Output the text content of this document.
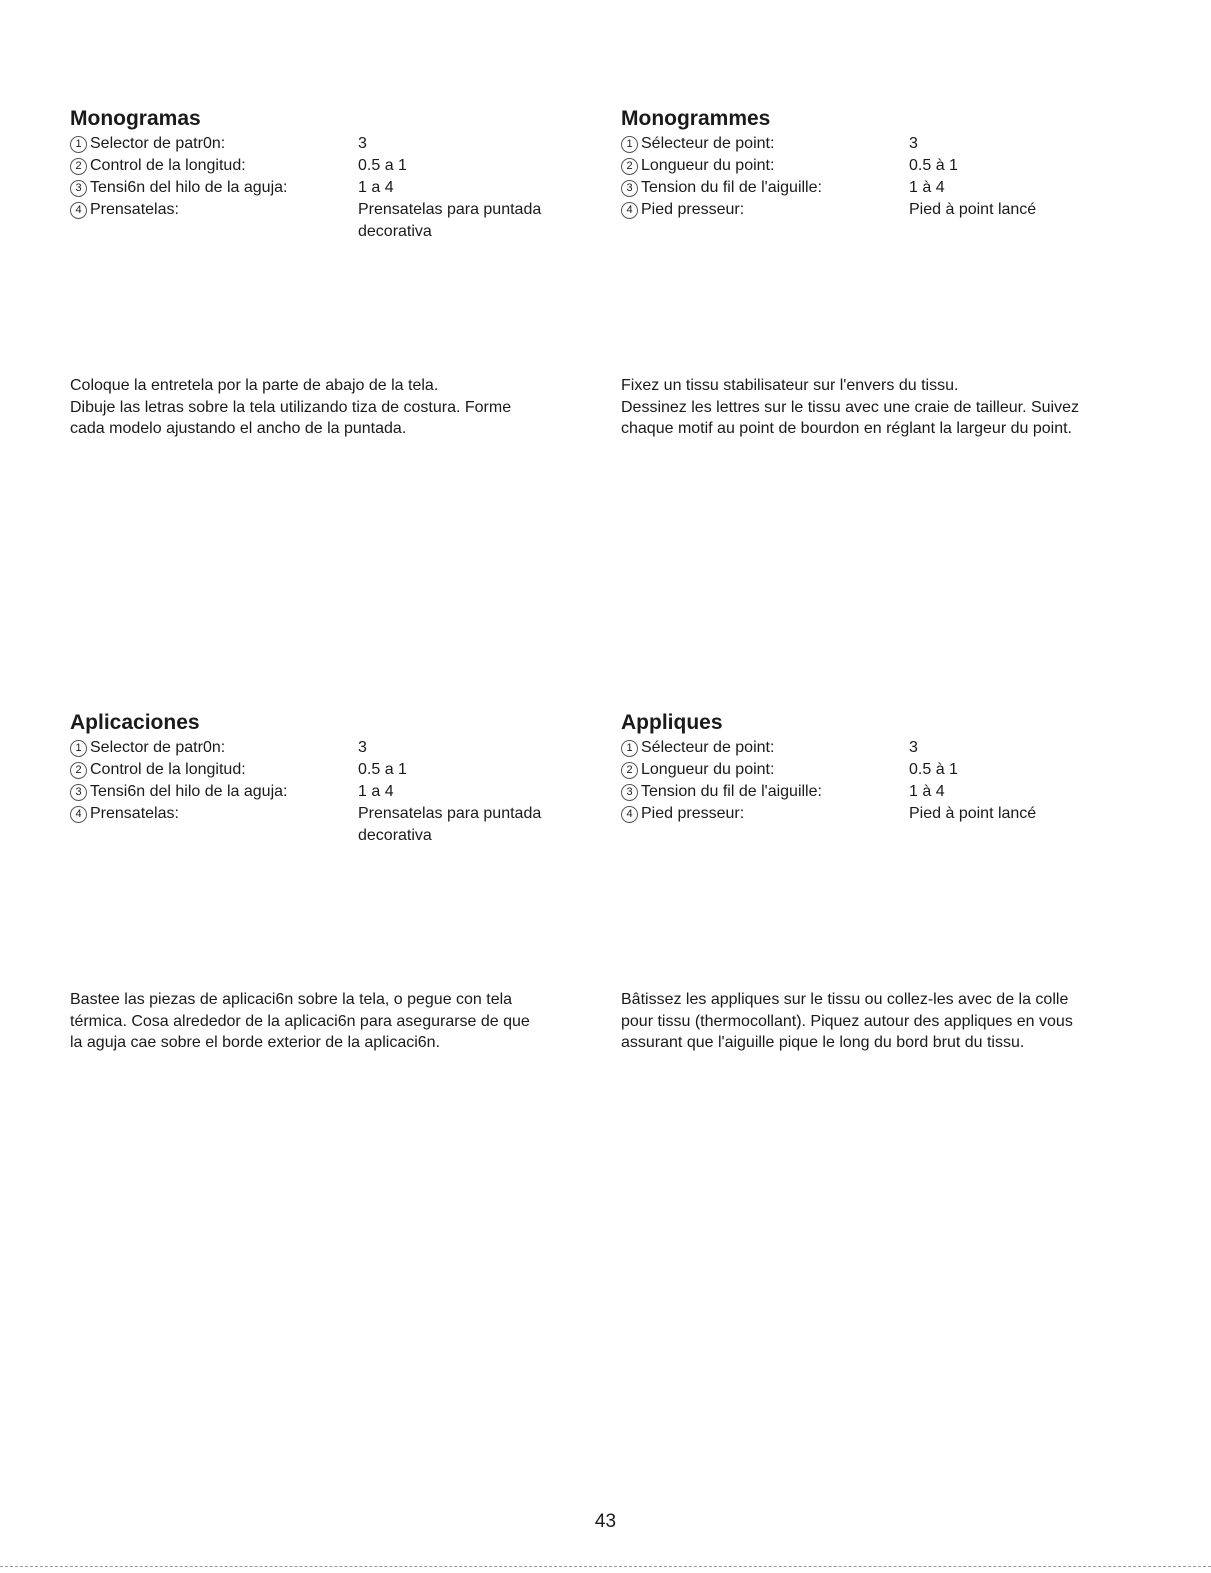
Monogramas
1 Selector de patr0n:	3
2 Control de la longitud:	0.5 a 1
3 Tensi6n del hilo de la aguja:	1 a 4
4 Prensatelas:	Prensatelas para puntada decorativa
Monogrammes
1 Sélecteur de point:	3
2 Longueur du point:	0.5 à 1
3 Tension du fil de l'aiguille:	1 à 4
4 Pied presseur:	Pied à point lancé

Coloque la entretela por la parte de abajo de la tela.
Dibuje las letras sobre la tela utilizando tiza de costura. Forme
cada modelo ajustando el ancho de la puntada.

Fixez un tissu stabilisateur sur l'envers du tissu.
Dessinez les lettres sur le tissu avec une craie de tailleur. Suivez
chaque motif au point de bourdon en réglant la largeur du point.

Aplicaciones
1 Selector de patr0n:	3
2 Control de la longitud:	0.5 a 1
3 Tensi6n del hilo de la aguja:	1 a 4
4 Prensatelas:	Prensatelas para puntada decorativa
Appliques
1 Sélecteur de point:	3
2 Longueur du point:	0.5 à 1
3 Tension du fil de l'aiguille:	1 à 4
4 Pied presseur:	Pied à point lancé

Bastee las piezas de aplicaci6n sobre la tela, o pegue con tela
térmica. Cosa alrededor de la aplicaci6n para asegurarse de que
la aguja cae sobre el borde exterior de la aplicaci6n.

Bâtissez les appliques sur le tissu ou collez-les avec de la colle
pour tissu (thermocollant). Piquez autour des appliques en vous
assurant que l'aiguille pique le long du bord brut du tissu.

43
